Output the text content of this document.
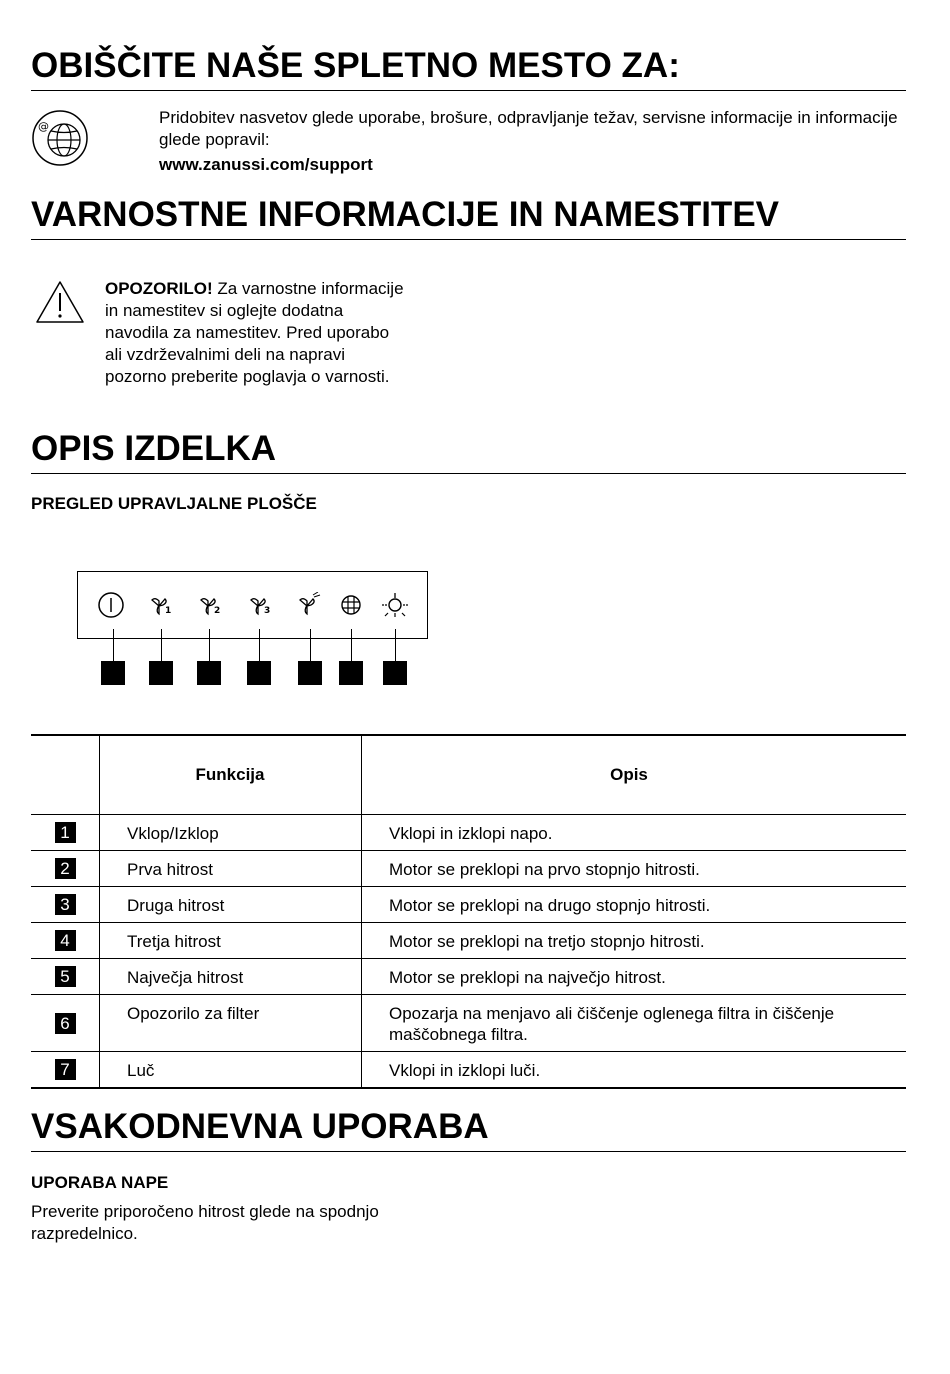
OBIŠČITE NAŠE SPLETNO MESTO ZA:
@	Pridobitev nasvetov glede uporabe, brošure, odpravljanje težav, servisne informacije in informacije glede popravil:
www.zanussi.com/support
VARNOSTNE INFORMACIJE IN NAMESTITEV
OPOZORILO! Za varnostne informacije in namestitev si oglejte dodatna navodila za namestitev. Pred uporabo ali vzdrževalnimi deli na napravi pozorno preberite poglavja o varnosti.
OPIS IZDELKA
PREGLED UPRAVLJALNE PLOŠČE
1	2	3
	Funkcija	Opis
1	Vklop/Izklop	Vklopi in izklopi napo.
2	Prva hitrost	Motor se preklopi na prvo stopnjo hitrosti.
3	Druga hitrost	Motor se preklopi na drugo stopnjo hitrosti.
4	Tretja hitrost	Motor se preklopi na tretjo stopnjo hitrosti.
5	Največja hitrost	Motor se preklopi na največjo hitrost.
6	Opozorilo za filter	Opozarja na menjavo ali čiščenje oglenega filtra in čiščenje maščobnega filtra.
7	Luč	Vklopi in izklopi luči.
VSAKODNEVNA UPORABA
UPORABA NAPE
Preverite priporočeno hitrost glede na spodnjo razpredelnico.
